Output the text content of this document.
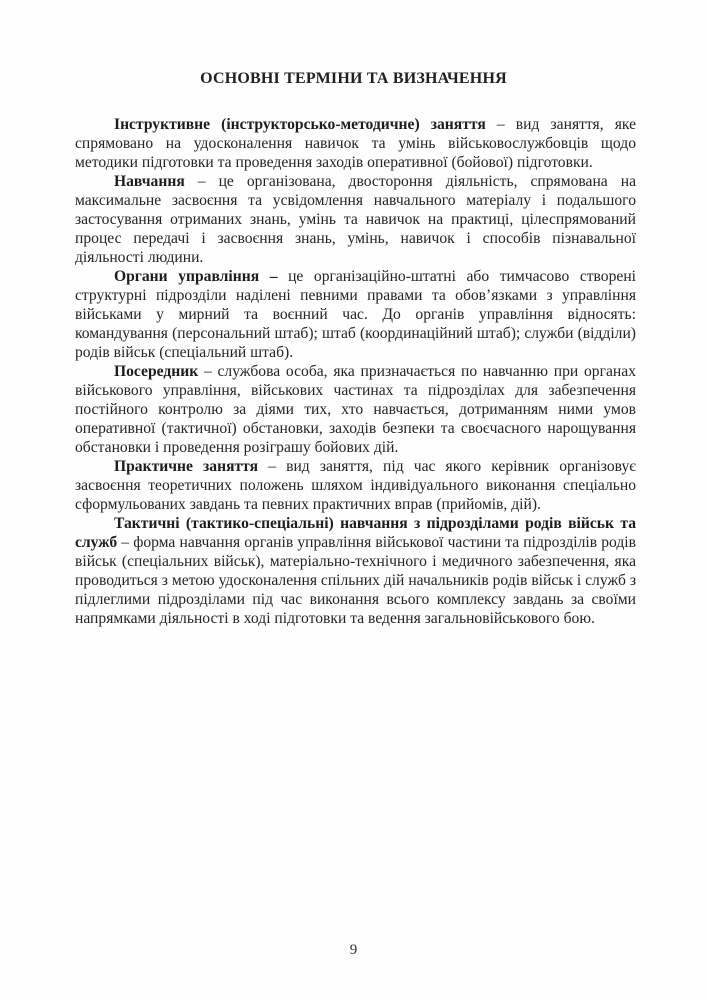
ОСНОВНІ ТЕРМІНИ ТА ВИЗНАЧЕННЯ

Інструктивне (інструкторсько-методичне) заняття – вид заняття, яке спрямовано на удосконалення навичок та умінь військовослужбовців щодо методики підготовки та проведення заходів оперативної (бойової) підготовки.

Навчання – це організована, двостороння діяльність, спрямована на максимальне засвоєння та усвідомлення навчального матеріалу і подальшого застосування отриманих знань, умінь та навичок на практиці, цілеспрямований процес передачі і засвоєння знань, умінь, навичок і способів пізнавальної діяльності людини.

Органи управління – це організаційно-штатні або тимчасово створені структурні підрозділи наділені певними правами та обов’язками з управління військами у мирний та воєнний час. До органів управління відносять: командування (персональний штаб); штаб (координаційний штаб); служби (відділи) родів військ (спеціальний штаб).

Посередник – службова особа, яка призначається по навчанню при органах військового управління, військових частинах та підрозділах для забезпечення постійного контролю за діями тих, хто навчається, дотриманням ними умов оперативної (тактичної) обстановки, заходів безпеки та своєчасного нарощування обстановки і проведення розіграшу бойових дій.

Практичне заняття – вид заняття, під час якого керівник організовує засвоєння теоретичних положень шляхом індивідуального виконання спеціально сформульованих завдань та певних практичних вправ (прийомів, дій).

Тактичні (тактико-спеціальні) навчання з підрозділами родів військ та служб – форма навчання органів управління військової частини та підрозділів родів військ (спеціальних військ), матеріально-технічного і медичного забезпечення, яка проводиться з метою удосконалення спільних дій начальників родів військ і служб з підлеглими підрозділами під час виконання всього комплексу завдань за своїми напрямками діяльності в ході підготовки та ведення загальновійськового бою.

9
